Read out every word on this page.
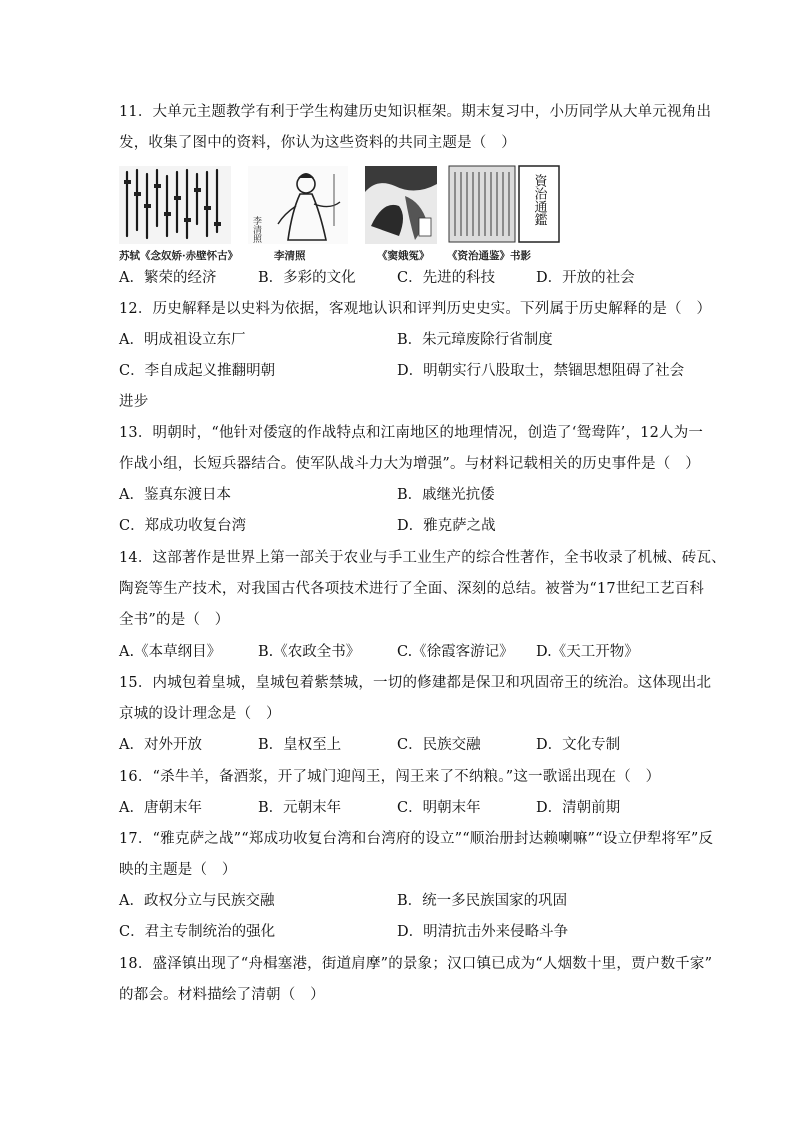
11．大单元主题教学有利于学生构建历史知识框架。期末复习中，小历同学从大单元视角出
发，收集了图中的资料，你认为这些资料的共同主题是（　）
苏轼《念奴娇·赤壁怀古》
李清照
李清照	《窦娥冤》
資治通鑑
《资治通鉴》书影
A．繁荣的经济	B．多彩的文化	C．先进的科技	D．开放的社会
12．历史解释是以史料为依据，客观地认识和评判历史史实。下列属于历史解释的是（　）
A．明成祖设立东厂	B．朱元璋废除行省制度
C．李自成起义推翻明朝	D．明朝实行八股取士，禁锢思想阻碍了社会
进步
13．明朝时，“他针对倭寇的作战特点和江南地区的地理情况，创造了‘鸳鸯阵’，12人为一
作战小组，长短兵器结合。使军队战斗力大为增强”。与材料记载相关的历史事件是（　）
A．鉴真东渡日本	B．戚继光抗倭
C．郑成功收复台湾	D．雅克萨之战
14．这部著作是世界上第一部关于农业与手工业生产的综合性著作，全书收录了机械、砖瓦、
陶瓷等生产技术，对我国古代各项技术进行了全面、深刻的总结。被誉为“17世纪工艺百科
全书”的是（　）
A.《本草纲目》	B.《农政全书》	C.《徐霞客游记》 D.《天工开物》
15．内城包着皇城，皇城包着紫禁城，一切的修建都是保卫和巩固帝王的统治。这体现出北
京城的设计理念是（　）
A．对外开放	B．皇权至上	C．民族交融	D．文化专制
16．“杀牛羊，备酒浆，开了城门迎闯王，闯王来了不纳粮。”这一歌谣出现在（　）
A．唐朝末年	B．元朝末年	C．明朝末年	D．清朝前期
17．“雅克萨之战”“郑成功收复台湾和台湾府的设立”“顺治册封达赖喇嘛”“设立伊犁将军”反
映的主题是（　）
A．政权分立与民族交融	B．统一多民族国家的巩固
C．君主专制统治的强化	D．明清抗击外来侵略斗争
18．盛泽镇出现了“舟楫塞港，街道肩摩”的景象；汉口镇已成为“人烟数十里，贾户数千家”
的都会。材料描绘了清朝（　）
